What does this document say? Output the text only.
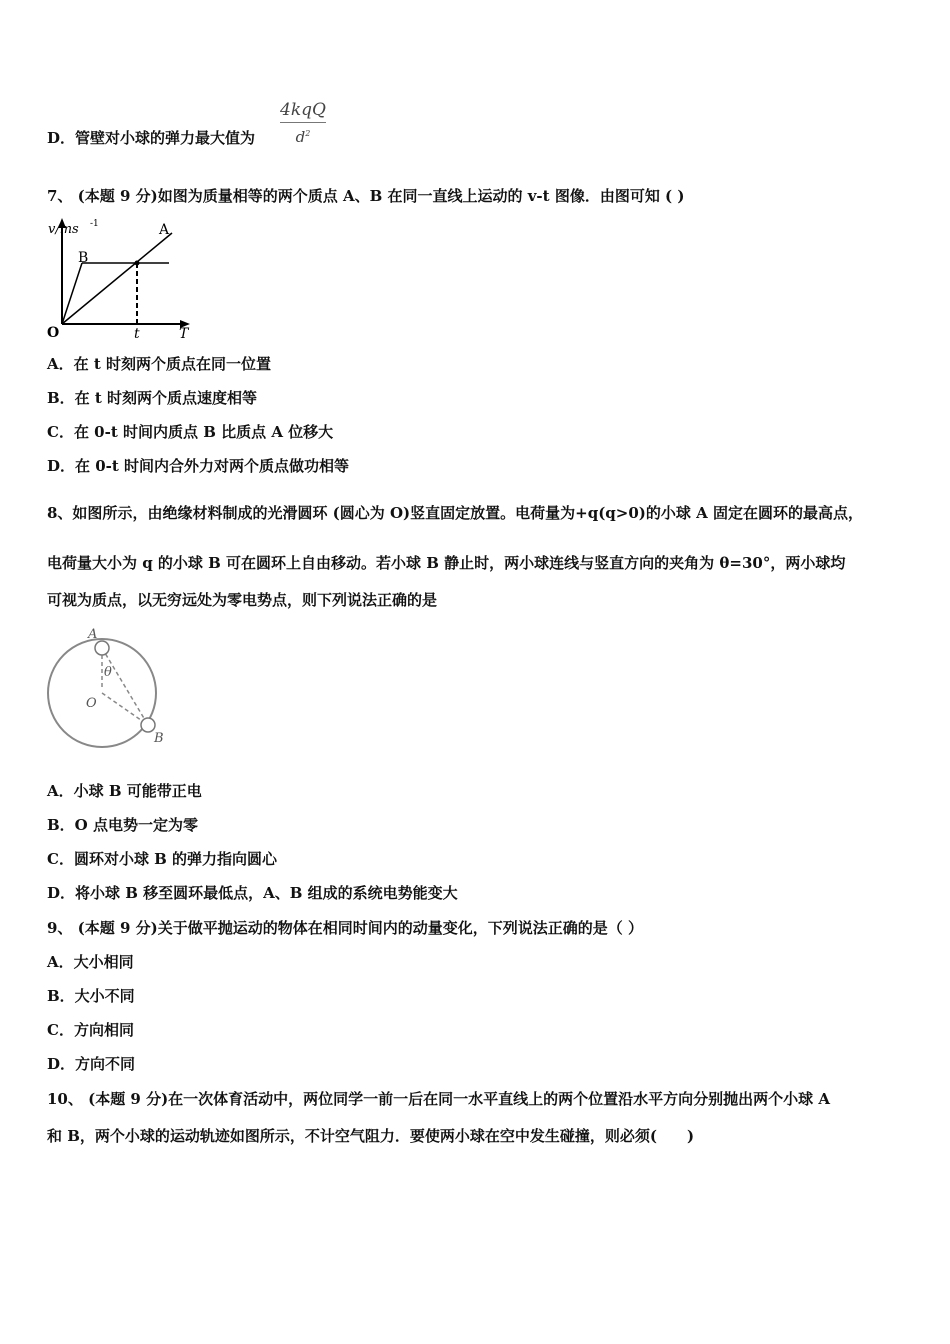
D．管壁对小球的弹力最大值为
4kqQ
$d^2$
7、 (本题 9 分)如图为质量相等的两个质点 A、B 在同一直线上运动的 v-t 图像．由图可知 ( )
v/ms -1	A
B
O	t	T
A．在 t 时刻两个质点在同一位置
B．在 t 时刻两个质点速度相等
C．在 0-t 时间内质点 B 比质点 A 位移大
D．在 0-t 时间内合外力对两个质点做功相等
8、如图所示，由绝缘材料制成的光滑圆环 (圆心为 O)竖直固定放置。电荷量为+q(q>0)的小球 A 固定在圆环的最高点，
电荷量大小为 q 的小球 B 可在圆环上自由移动。若小球 B 静止时，两小球连线与竖直方向的夹角为 θ=30°，两小球均
可视为质点，以无穷远处为零电势点，则下列说法正确的是
A
θ
O
B
A．小球 B 可能带正电
B．O 点电势一定为零
C．圆环对小球 B 的弹力指向圆心
D．将小球 B 移至圆环最低点，A、B 组成的系统电势能变大
9、 (本题 9 分)关于做平抛运动的物体在相同时间内的动量变化，下列说法正确的是（ ）
A．大小相同
B．大小不同
C．方向相同
D．方向不同
10、 (本题 9 分)在一次体育活动中，两位同学一前一后在同一水平直线上的两个位置沿水平方向分别抛出两个小球 A
和 B，两个小球的运动轨迹如图所示，不计空气阻力．要使两小球在空中发生碰撞，则必须(　　)
